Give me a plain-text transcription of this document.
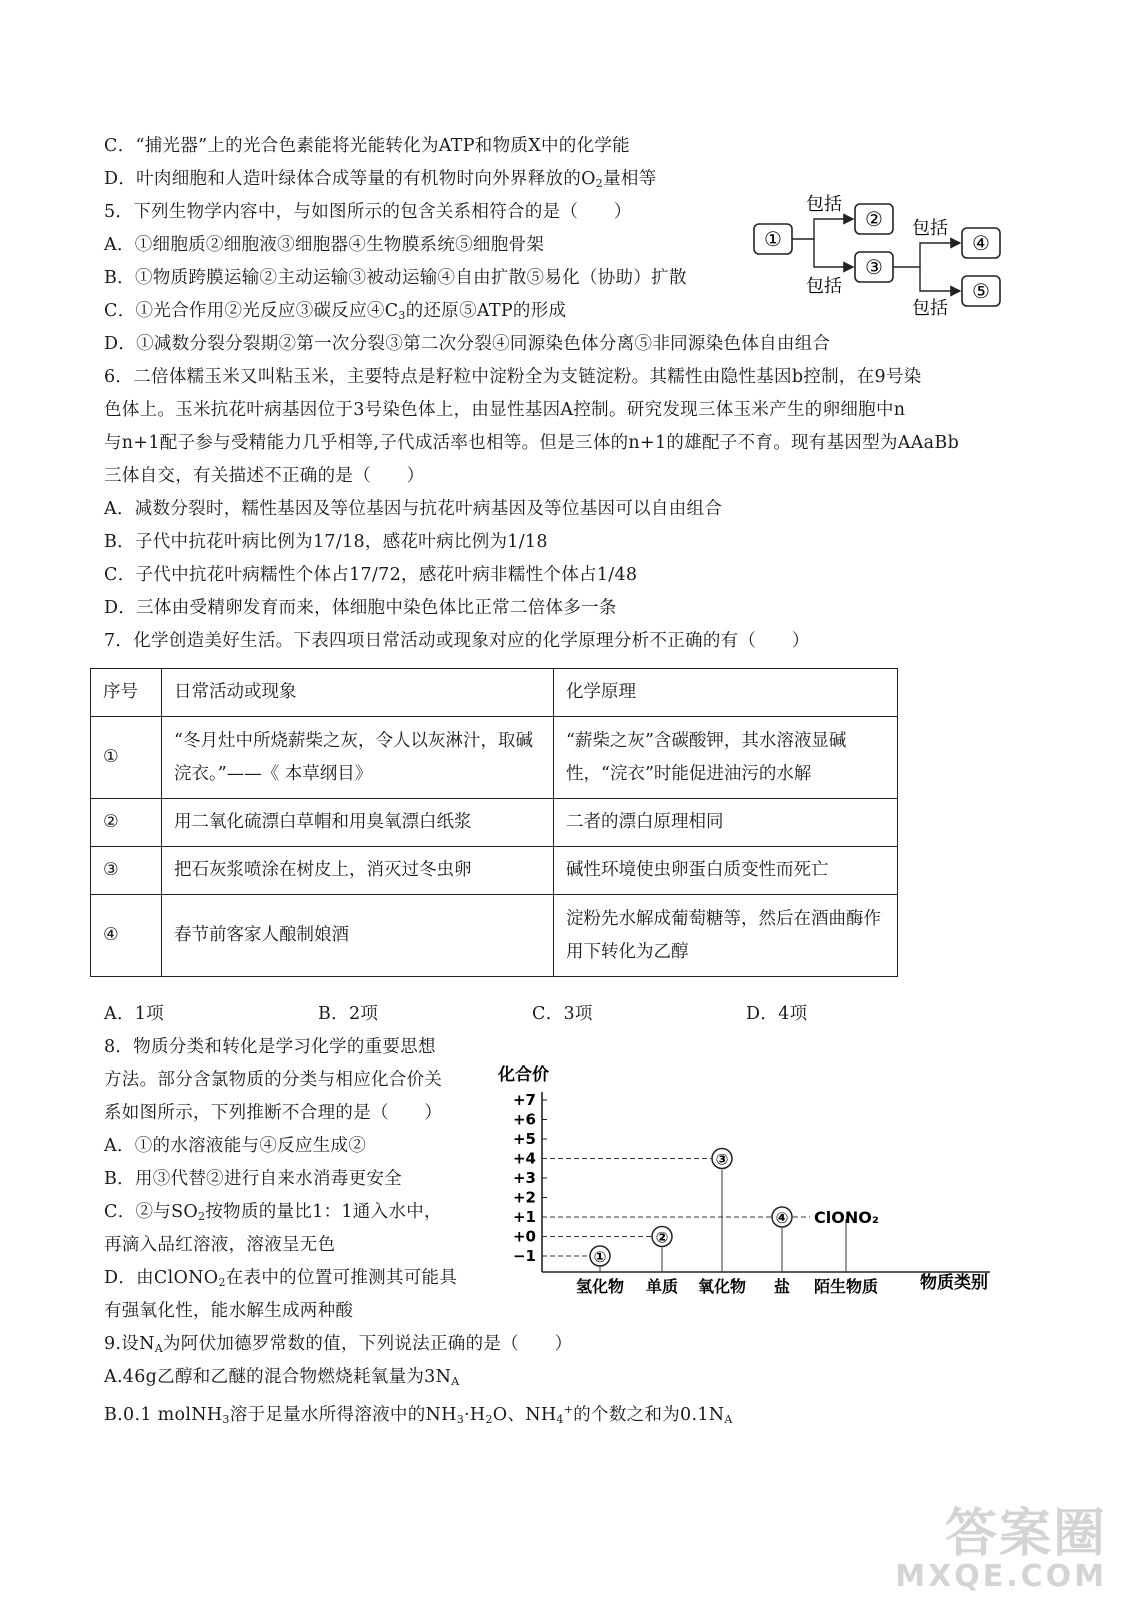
C．“捕光器”上的光合色素能将光能转化为ATP和物质X中的化学能
D．叶肉细胞和人造叶绿体合成等量的有机物时向外界释放的$O_2$量相等
5．下列生物学内容中，与如图所示的包含关系相符合的是（　　）
A．①细胞质②细胞液③细胞器④生物膜系统⑤细胞骨架
B．①物质跨膜运输②主动运输③被动运输④自由扩散⑤易化（协助）扩散
C．①光合作用②光反应③碳反应$④C_3$的还原⑤ATP的形成
D．①减数分裂分裂期②第一次分裂③第二次分裂④同源染色体分离⑤非同源染色体自由组合
①
②
③
④
⑤
包括
包括
包括
包括
6．二倍体糯玉米又叫粘玉米，主要特点是籽粒中淀粉全为支链淀粉。其糯性由隐性基因b控制，在9号染
色体上。玉米抗花叶病基因位于3号染色体上，由显性基因A控制。研究发现三体玉米产生的卵细胞中n
与n+1配子参与受精能力几乎相等,子代成活率也相等。但是三体的n+1的雄配子不育。现有基因型为AAaBb
三体自交，有关描述不正确的是（　　）
A．减数分裂时，糯性基因及等位基因与抗花叶病基因及等位基因可以自由组合
B．子代中抗花叶病比例为17/18，感花叶病比例为1/18
C．子代中抗花叶病糯性个体占17/72，感花叶病非糯性个体占1/48
D．三体由受精卵发育而来，体细胞中染色体比正常二倍体多一条
7．化学创造美好生活。下表四项日常活动或现象对应的化学原理分析不正确的有（　　）
序号	日常活动或现象	化学原理
①	“冬月灶中所烧薪柴之灰，令人以灰淋汁，取碱浣衣。”——《 本草纲目》	“薪柴之灰”含碳酸钾，其水溶液显碱性，“浣衣”时能促进油污的水解
②	用二氧化硫漂白草帽和用臭氧漂白纸浆	二者的漂白原理相同
③	把石灰浆喷涂在树皮上，消灭过冬虫卵	碱性环境使虫卵蛋白质变性而死亡
④	春节前客家人酿制娘酒	淀粉先水解成葡萄糖等，然后在酒曲酶作用下转化为乙醇
A．1项	B．2项	C．3项	D．4项
8．物质分类和转化是学习化学的重要思想
方法。部分含氯物质的分类与相应化合价关
系如图所示，下列推断不合理的是（　　）
A．①的水溶液能与④反应生成②
B．用③代替②进行自来水消毒更安全
C．②与$SO_2$按物质的量比1：1通入水中，
再滴入品红溶液，溶液呈无色
D．由ClONO$_2$在表中的位置可推测其可能具
有强氧化性，能水解生成两种酸
化合价
物质类别
+7
+6
+5
+4
+3
+2
+1
+0
−1
氢化物 单质 氧化物 盐 陌生物质
①
②
③
④ ClONO₂
9.设$N_A$为阿伏加德罗常数的值，下列说法正确的是（　　）
A.46g乙醇和乙醚的混合物燃烧耗氧量为$3N_A$
B.0.1 molNH$_3$溶于足量水所得溶液中的$NH_3\cdot H_2O$、$NH_4^+$的个数之和为$0.1N_A$
答案圈
MXQE.COM
